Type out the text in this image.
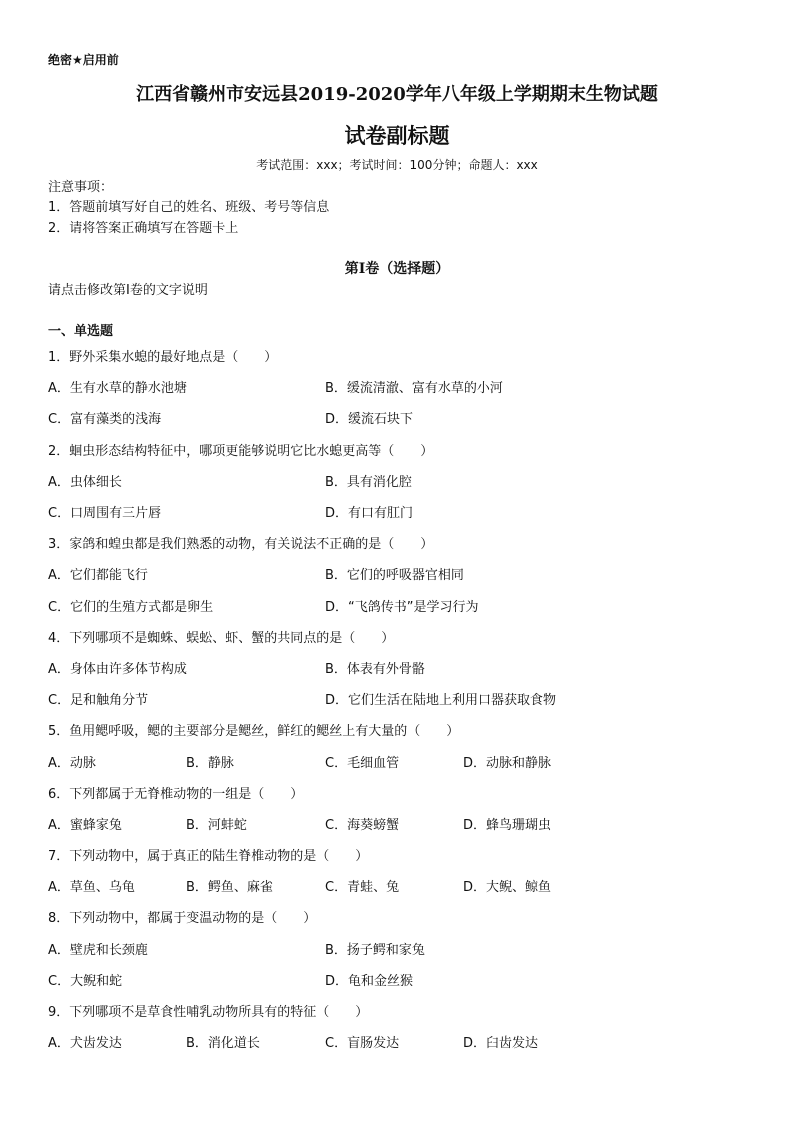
绝密★启用前
江西省赣州市安远县2019-2020学年八年级上学期期末生物试题
试卷副标题
考试范围：xxx；考试时间：100分钟；命题人：xxx
注意事项：
1．答题前填写好自己的姓名、班级、考号等信息
2．请将答案正确填写在答题卡上
第I卷（选择题）
请点击修改第I卷的文字说明
一、单选题
1．野外采集水螅的最好地点是（　　）
A．生有水草的静水池塘	B．缓流清澈、富有水草的小河
C．富有藻类的浅海	D．缓流石块下
2．蛔虫形态结构特征中，哪项更能够说明它比水螅更高等（　　）
A．虫体细长	B．具有消化腔
C．口周围有三片唇	D．有口有肛门
3．家鸽和蝗虫都是我们熟悉的动物，有关说法不正确的是（　　）
A．它们都能飞行	B．它们的呼吸器官相同
C．它们的生殖方式都是卵生	D．“飞鸽传书”是学习行为
4．下列哪项不是蜘蛛、蜈蚣、虾、蟹的共同点的是（　　）
A．身体由许多体节构成	B．体表有外骨骼
C．足和触角分节	D．它们生活在陆地上利用口器获取食物
5．鱼用鳃呼吸，鳃的主要部分是鳃丝，鲜红的鳃丝上有大量的（　　）
A．动脉	B．静脉	C．毛细血管	D．动脉和静脉
6．下列都属于无脊椎动物的一组是（　　）
A．蜜蜂家兔	B．河蚌蛇	C．海葵螃蟹	D．蜂鸟珊瑚虫
7．下列动物中，属于真正的陆生脊椎动物的是（　　）
A．草鱼、乌龟	B．鳄鱼、麻雀	C．青蛙、兔	D．大鲵、鲸鱼
8．下列动物中，都属于变温动物的是（　　）
A．壁虎和长颈鹿	B．扬子鳄和家兔
C．大鲵和蛇	D．龟和金丝猴
9．下列哪项不是草食性哺乳动物所具有的特征（　　）
A．犬齿发达	B．消化道长	C．盲肠发达	D．臼齿发达
